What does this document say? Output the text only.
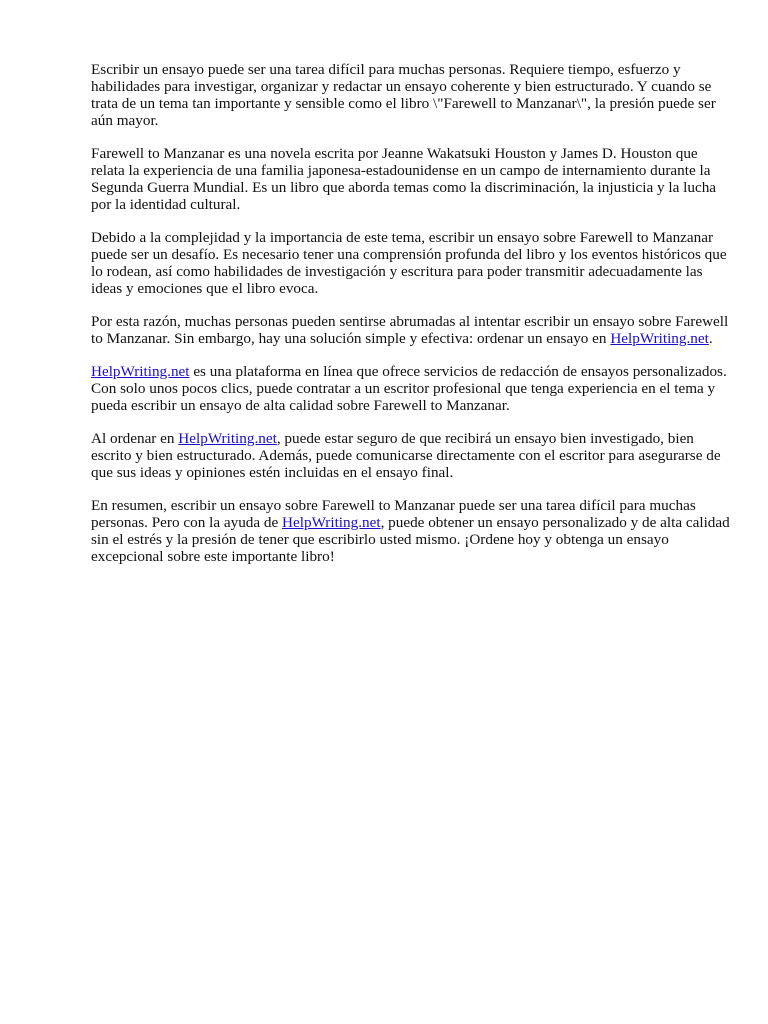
Escribir un ensayo puede ser una tarea difícil para muchas personas. Requiere tiempo, esfuerzo y habilidades para investigar, organizar y redactar un ensayo coherente y bien estructurado. Y cuando se trata de un tema tan importante y sensible como el libro \"Farewell to Manzanar\", la presión puede ser aún mayor.

Farewell to Manzanar es una novela escrita por Jeanne Wakatsuki Houston y James D. Houston que relata la experiencia de una familia japonesa-estadounidense en un campo de internamiento durante la Segunda Guerra Mundial. Es un libro que aborda temas como la discriminación, la injusticia y la lucha por la identidad cultural.

Debido a la complejidad y la importancia de este tema, escribir un ensayo sobre Farewell to Manzanar puede ser un desafío. Es necesario tener una comprensión profunda del libro y los eventos históricos que lo rodean, así como habilidades de investigación y escritura para poder transmitir adecuadamente las ideas y emociones que el libro evoca.

Por esta razón, muchas personas pueden sentirse abrumadas al intentar escribir un ensayo sobre Farewell to Manzanar. Sin embargo, hay una solución simple y efectiva: ordenar un ensayo en HelpWriting.net.

HelpWriting.net es una plataforma en línea que ofrece servicios de redacción de ensayos personalizados. Con solo unos pocos clics, puede contratar a un escritor profesional que tenga experiencia en el tema y pueda escribir un ensayo de alta calidad sobre Farewell to Manzanar.

Al ordenar en HelpWriting.net, puede estar seguro de que recibirá un ensayo bien investigado, bien escrito y bien estructurado. Además, puede comunicarse directamente con el escritor para asegurarse de que sus ideas y opiniones estén incluidas en el ensayo final.

En resumen, escribir un ensayo sobre Farewell to Manzanar puede ser una tarea difícil para muchas personas. Pero con la ayuda de HelpWriting.net, puede obtener un ensayo personalizado y de alta calidad sin el estrés y la presión de tener que escribirlo usted mismo. ¡Ordene hoy y obtenga un ensayo excepcional sobre este importante libro!
